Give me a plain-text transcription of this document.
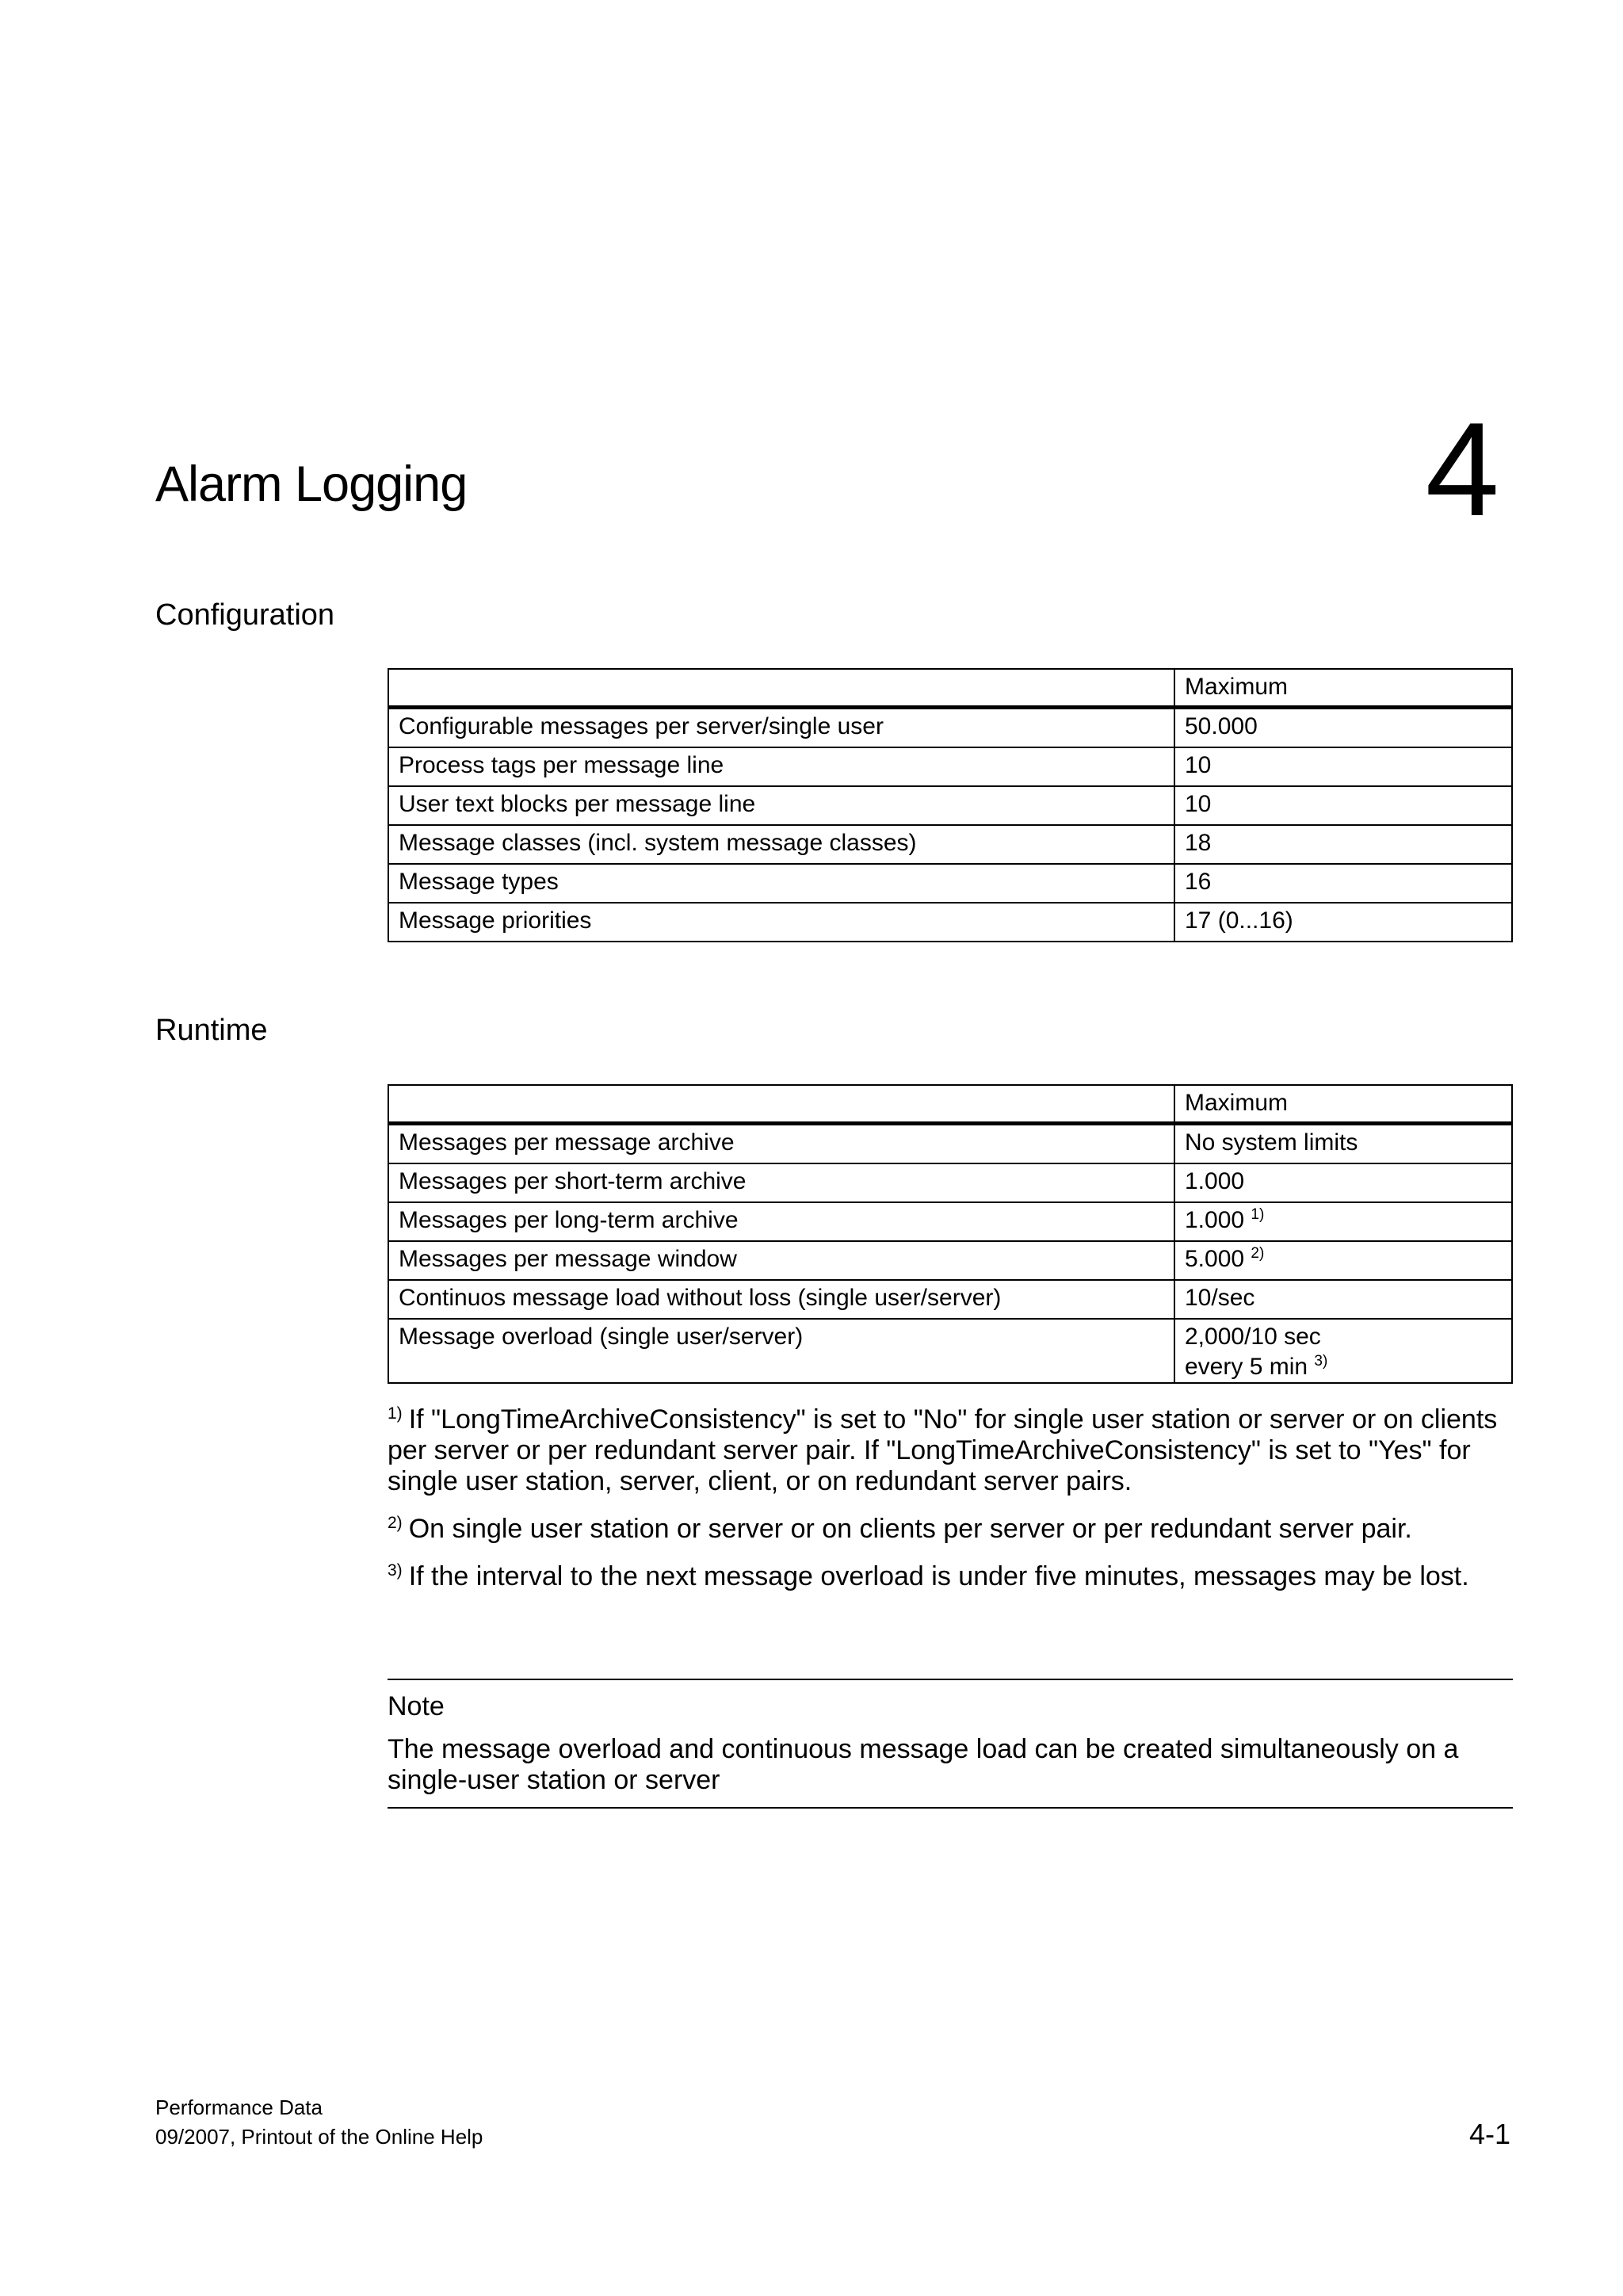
Alarm Logging	4
Configuration
	Maximum
Configurable messages per server/single user	50.000
Process tags per message line	10
User text blocks per message line	10
Message classes (incl. system message classes)	18
Message types	16
Message priorities	17 (0...16)
Runtime
	Maximum
Messages per message archive	No system limits
Messages per short-term archive	1.000
Messages per long-term archive	1.000 $^{1)}$
Messages per message window	5.000 $^{2)}$
Continuos message load without loss (single user/server)	10/sec
Message overload (single user/server)	2,000/10 sec
every 5 min $^{3)}$

$^{1)}$ If "LongTimeArchiveConsistency" is set to "No" for single user station or server or on clients per server or per redundant server pair. If "LongTimeArchiveConsistency" is set to "Yes" for single user station, server, client, or on redundant server pairs.

$^{2)}$ On single user station or server or on clients per server or per redundant server pair.

$^{3)}$ If the interval to the next message overload is under five minutes, messages may be lost.

Note

The message overload and continuous message load can be created simultaneously on a single-user station or server

Performance Data
09/2007, Printout of the Online Help	4-1
